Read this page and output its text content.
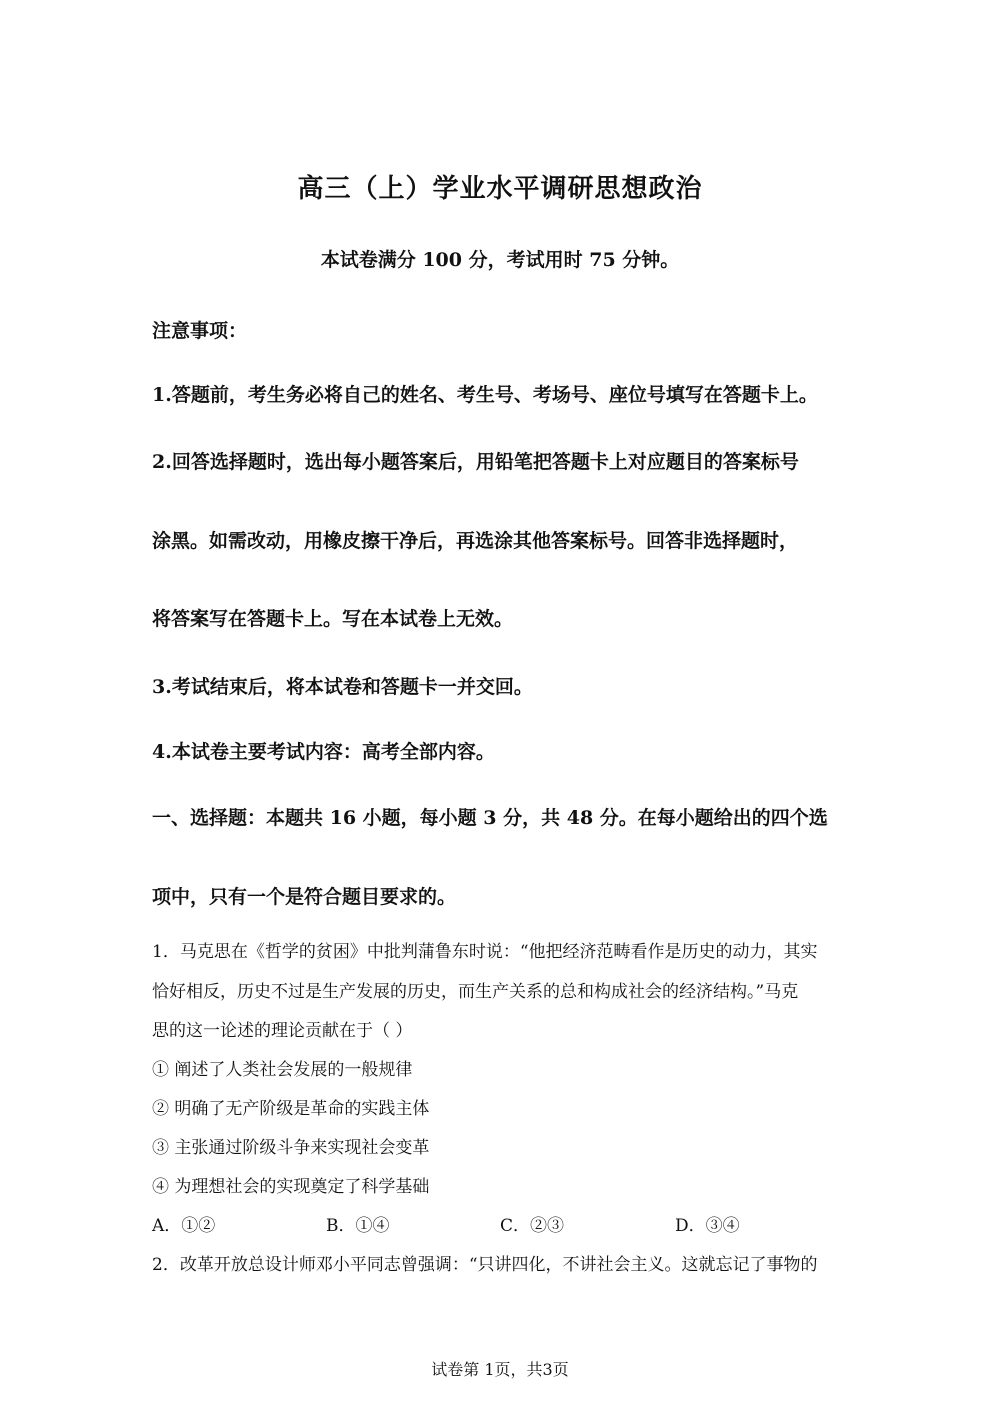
高三（上）学业水平调研思想政治
本试卷满分 100 分，考试用时 75 分钟。
注意事项：
1.答题前，考生务必将自己的姓名、考生号、考场号、座位号填写在答题卡上。
2.回答选择题时，选出每小题答案后，用铅笔把答题卡上对应题目的答案标号
涂黑。如需改动，用橡皮擦干净后，再选涂其他答案标号。回答非选择题时，
将答案写在答题卡上。写在本试卷上无效。
3.考试结束后，将本试卷和答题卡一并交回。
4.本试卷主要考试内容：高考全部内容。
一、选择题：本题共 16 小题，每小题 3 分，共 48 分。在每小题给出的四个选
项中，只有一个是符合题目要求的。
1．马克思在《哲学的贫困》中批判蒲鲁东时说：“他把经济范畴看作是历史的动力，其实
恰好相反，历史不过是生产发展的历史，而生产关系的总和构成社会的经济结构。”马克
思的这一论述的理论贡献在于（ ）
① 阐述了人类社会发展的一般规律
② 明确了无产阶级是革命的实践主体
③ 主张通过阶级斗争来实现社会变革
④ 为理想社会的实现奠定了科学基础
A．①②	B．①④	C．②③	D．③④
2．改革开放总设计师邓小平同志曾强调：“只讲四化，不讲社会主义。这就忘记了事物的
试卷第 1页，共3页
